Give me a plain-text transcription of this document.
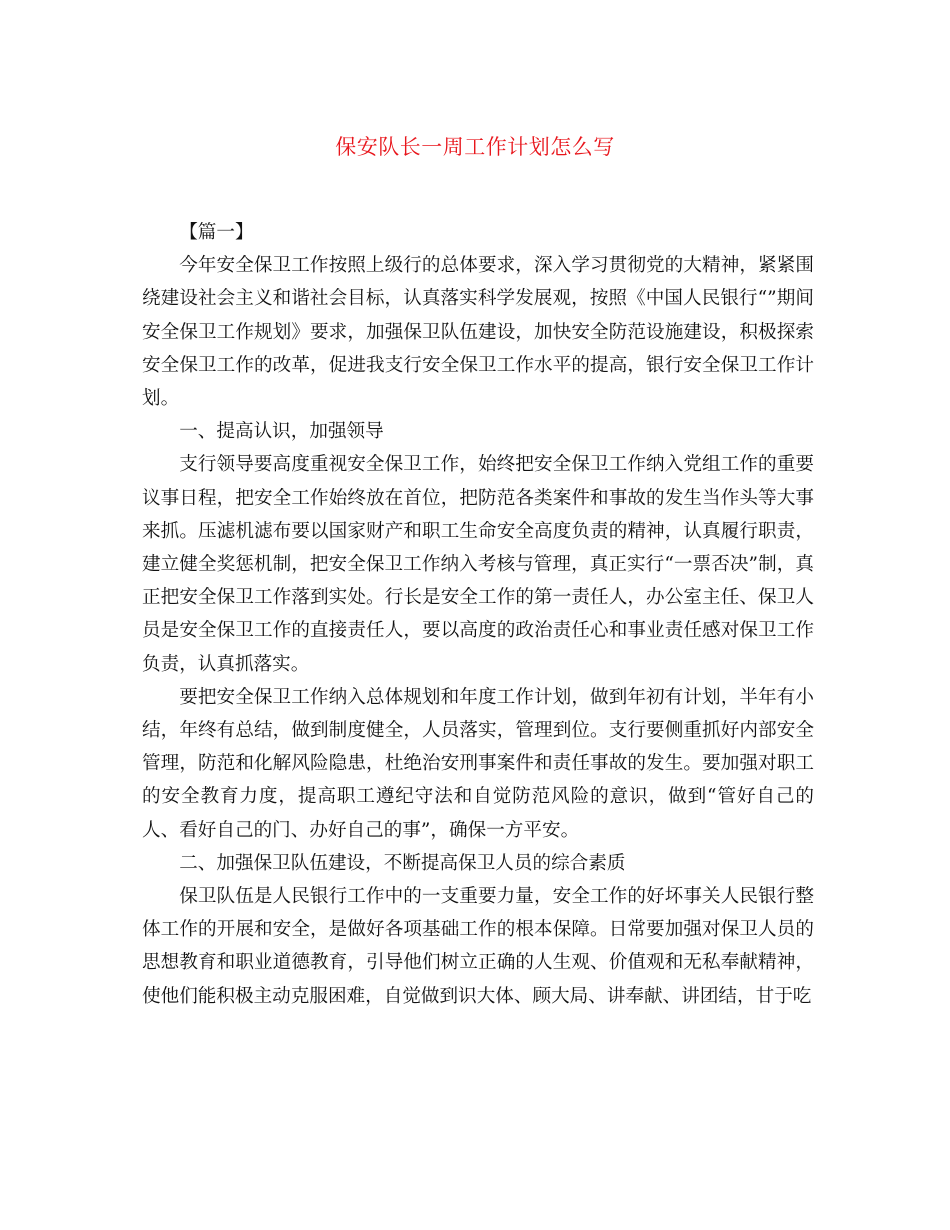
保安队长一周工作计划怎么写

【篇一】

今年安全保卫工作按照上级行的总体要求，深入学习贯彻党的大精神，紧紧围绕建设社会主义和谐社会目标，认真落实科学发展观，按照《中国人民银行“”期间安全保卫工作规划》要求，加强保卫队伍建设，加快安全防范设施建设，积极探索安全保卫工作的改革，促进我支行安全保卫工作水平的提高，银行安全保卫工作计划。

一、提高认识，加强领导

支行领导要高度重视安全保卫工作，始终把安全保卫工作纳入党组工作的重要议事日程，把安全工作始终放在首位，把防范各类案件和事故的发生当作头等大事来抓。压滤机滤布要以国家财产和职工生命安全高度负责的精神，认真履行职责，建立健全奖惩机制，把安全保卫工作纳入考核与管理，真正实行“一票否决”制，真正把安全保卫工作落到实处。行长是安全工作的第一责任人，办公室主任、保卫人员是安全保卫工作的直接责任人，要以高度的政治责任心和事业责任感对保卫工作负责，认真抓落实。

要把安全保卫工作纳入总体规划和年度工作计划，做到年初有计划，半年有小结，年终有总结，做到制度健全，人员落实，管理到位。支行要侧重抓好内部安全管理，防范和化解风险隐患，杜绝治安刑事案件和责任事故的发生。要加强对职工的安全教育力度，提高职工遵纪守法和自觉防范风险的意识，做到“管好自己的人、看好自己的门、办好自己的事”，确保一方平安。

二、加强保卫队伍建设，不断提高保卫人员的综合素质

保卫队伍是人民银行工作中的一支重要力量，安全工作的好坏事关人民银行整体工作的开展和安全，是做好各项基础工作的根本保障。日常要加强对保卫人员的思想教育和职业道德教育，引导他们树立正确的人生观、价值观和无私奉献精神，使他们能积极主动克服困难，自觉做到识大体、顾大局、讲奉献、讲团结，甘于吃
